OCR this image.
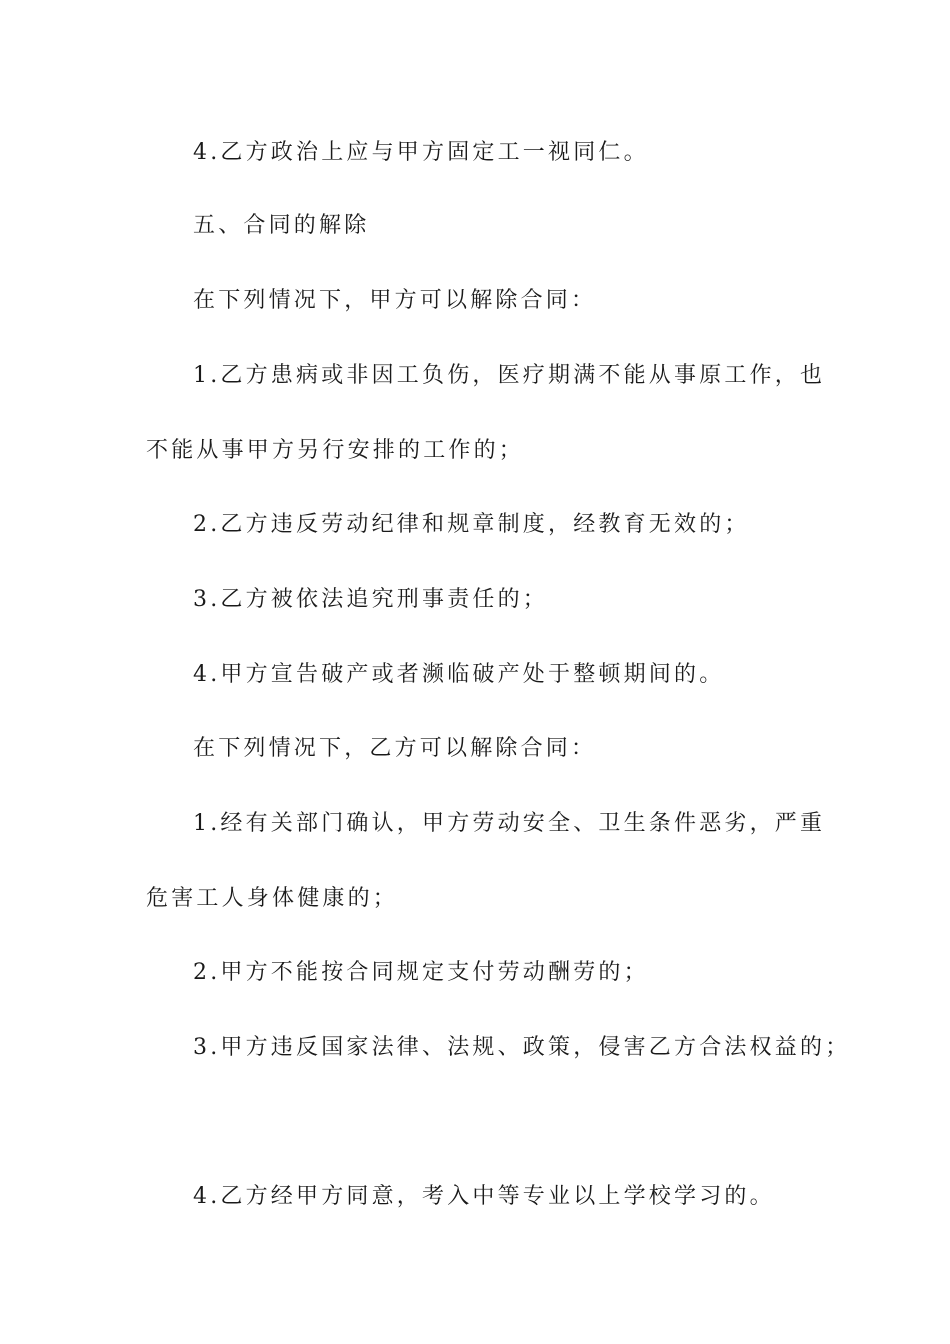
4.乙方政治上应与甲方固定工一视同仁。
五、合同的解除
在下列情况下，甲方可以解除合同：
1.乙方患病或非因工负伤，医疗期满不能从事原工作，也
不能从事甲方另行安排的工作的；
2.乙方违反劳动纪律和规章制度，经教育无效的；
3.乙方被依法追究刑事责任的；
4.甲方宣告破产或者濒临破产处于整顿期间的。
在下列情况下，乙方可以解除合同：
1.经有关部门确认，甲方劳动安全、卫生条件恶劣，严重
危害工人身体健康的；
2.甲方不能按合同规定支付劳动酬劳的；
3.甲方违反国家法律、法规、政策，侵害乙方合法权益的；
4.乙方经甲方同意，考入中等专业以上学校学习的。
